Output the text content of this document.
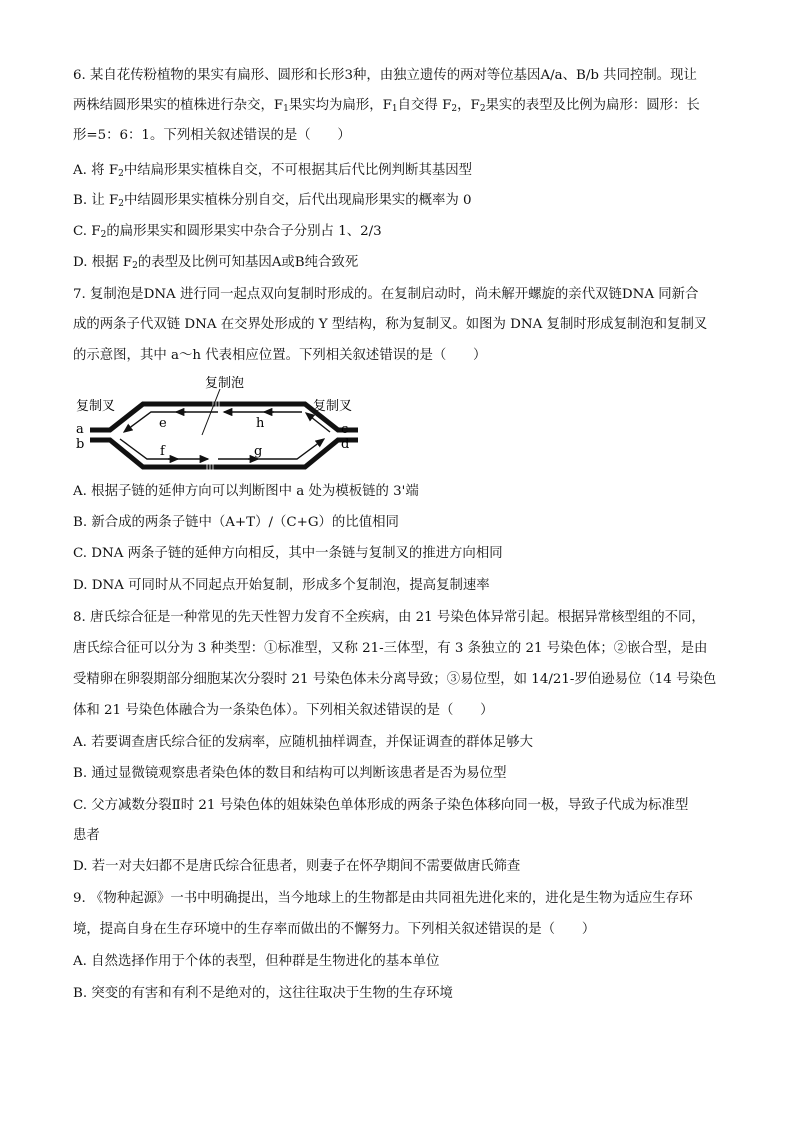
6. 某自花传粉植物的果实有扁形、圆形和长形3种，由独立遗传的两对等位基因A/a、B/b 共同控制。现让
两株结圆形果实的植株进行杂交，$F_1$果实均为扁形，$F_1$自交得 $F_2$，$F_2$果实的表型及比例为扁形：圆形：长
形=5：6：1。下列相关叙述错误的是（　　）
A. 将 $F_2$中结扁形果实植株自交，不可根据其后代比例判断其基因型
B. 让 $F_2$中结圆形果实植株分别自交，后代出现扁形果实的概率为 0
C. $F_2$的扁形果实和圆形果实中杂合子分别占 1、2/3
D. 根据 $F_2$的表型及比例可知基因A或B纯合致死
7. 复制泡是DNA 进行同一起点双向复制时形成的。在复制启动时，尚未解开螺旋的亲代双链DNA 同新合
成的两条子代双链 DNA 在交界处形成的 Y 型结构，称为复制叉。如图为 DNA 复制时形成复制泡和复制叉
的示意图，其中 a～h 代表相应位置。下列相关叙述错误的是（　　）
复制泡
复制叉	复制叉
a
b
c
d
e
f	g
h
A. 根据子链的延伸方向可以判断图中 a 处为模板链的 3'端
B. 新合成的两条子链中（A+T）/（C+G）的比值相同
C. DNA 两条子链的延伸方向相反，其中一条链与复制叉的推进方向相同
D. DNA 可同时从不同起点开始复制，形成多个复制泡，提高复制速率
8. 唐氏综合征是一种常见的先天性智力发育不全疾病，由 21 号染色体异常引起。根据异常核型组的不同，
唐氏综合征可以分为 3 种类型：①标准型，又称 21-三体型，有 3 条独立的 21 号染色体；②嵌合型，是由
受精卵在卵裂期部分细胞某次分裂时 21 号染色体未分离导致；③易位型，如 14/21-罗伯逊易位（14 号染色
体和 21 号染色体融合为一条染色体）。下列相关叙述错误的是（　　）
A. 若要调查唐氏综合征的发病率，应随机抽样调查，并保证调查的群体足够大
B. 通过显微镜观察患者染色体的数目和结构可以判断该患者是否为易位型
C. 父方减数分裂Ⅱ时 21 号染色体的姐妹染色单体形成的两条子染色体移向同一极，导致子代成为标准型
患者
D. 若一对夫妇都不是唐氏综合征患者，则妻子在怀孕期间不需要做唐氏筛查
9. 《物种起源》一书中明确提出，当今地球上的生物都是由共同祖先进化来的，进化是生物为适应生存环
境，提高自身在生存环境中的生存率而做出的不懈努力。下列相关叙述错误的是（　　）
A. 自然选择作用于个体的表型，但种群是生物进化的基本单位
B. 突变的有害和有利不是绝对的，这往往取决于生物的生存环境
